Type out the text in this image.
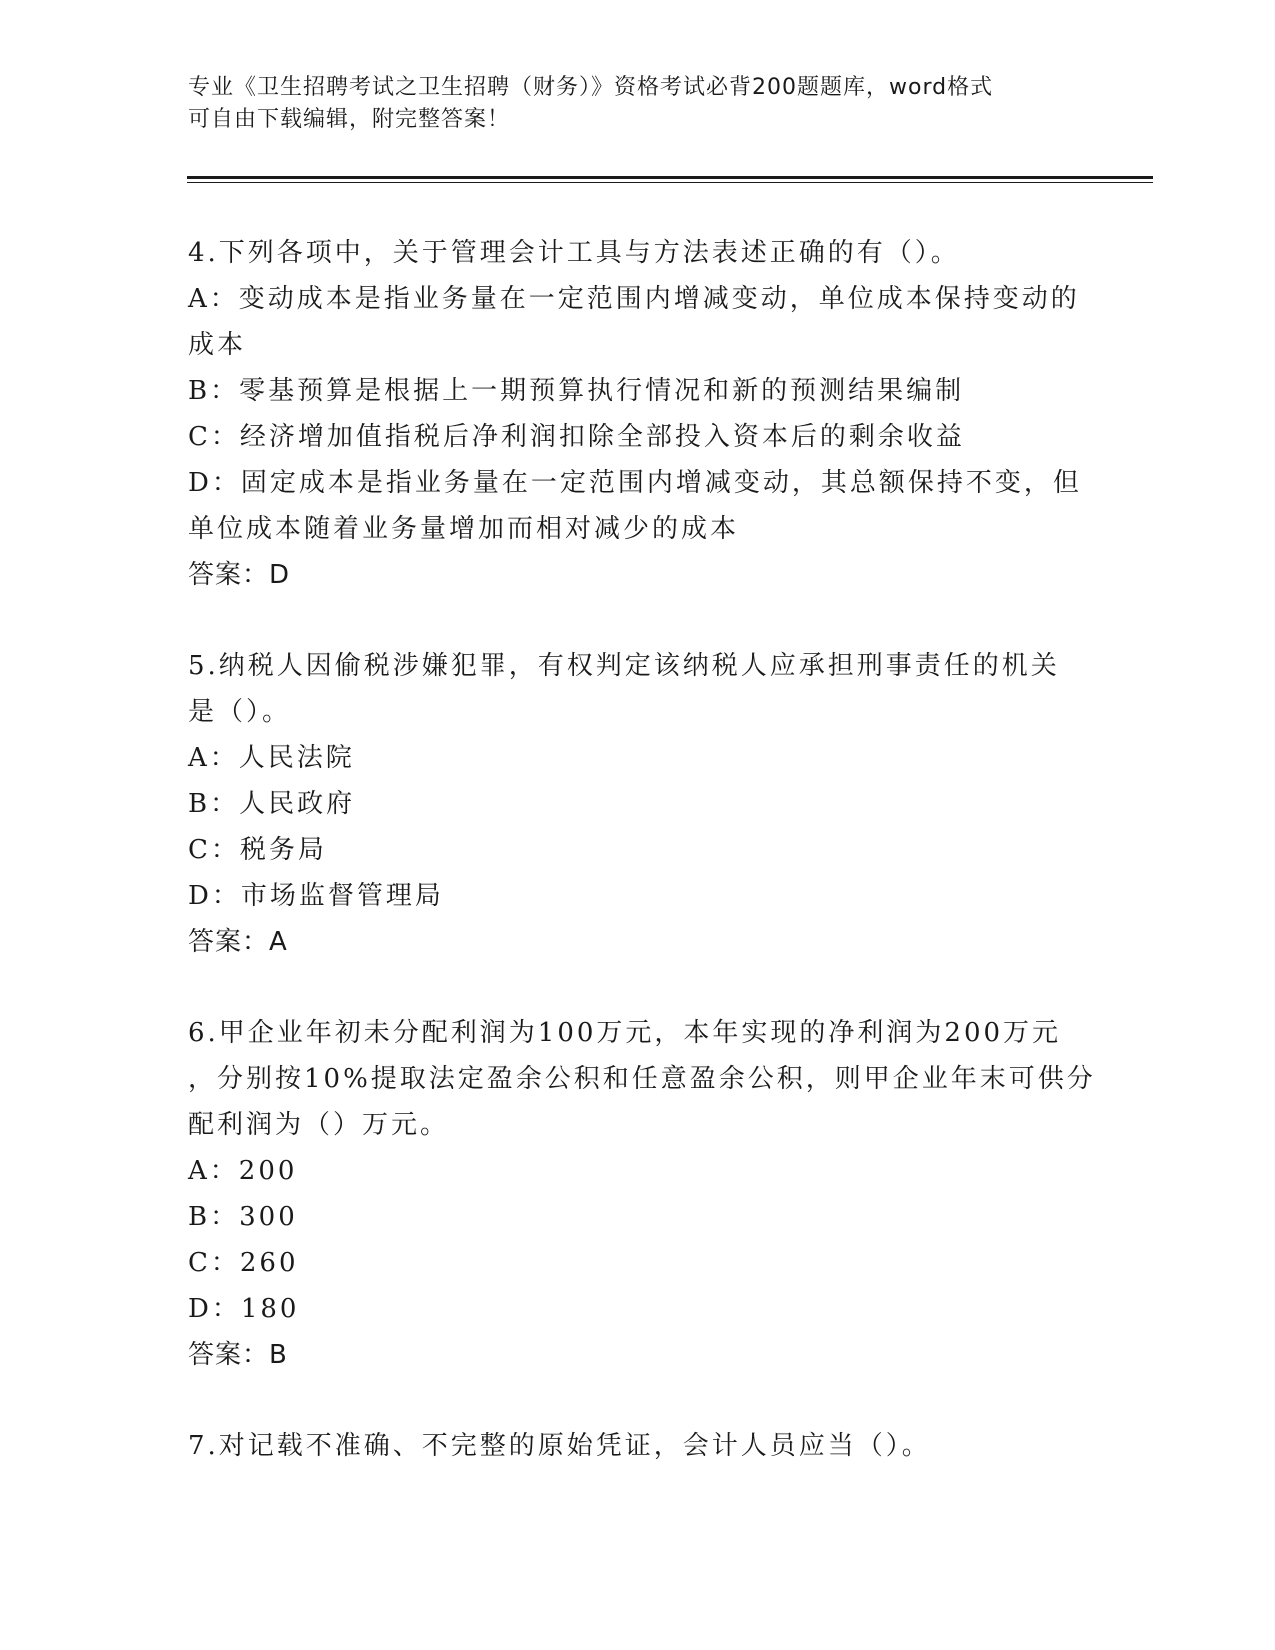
专业《卫生招聘考试之卫生招聘（财务）》资格考试必背200题题库，word格式
可自由下载编辑，附完整答案！
4.下列各项中，关于管理会计工具与方法表述正确的有（）。
A：变动成本是指业务量在一定范围内增减变动，单位成本保持变动的
成本
B：零基预算是根据上一期预算执行情况和新的预测结果编制
C：经济增加值指税后净利润扣除全部投入资本后的剩余收益
D：固定成本是指业务量在一定范围内增减变动，其总额保持不变，但
单位成本随着业务量增加而相对减少的成本
答案：D
5.纳税人因偷税涉嫌犯罪，有权判定该纳税人应承担刑事责任的机关
是（）。
A：人民法院
B：人民政府
C：税务局
D：市场监督管理局
答案：A
6.甲企业年初未分配利润为100万元，本年实现的净利润为200万元
，分别按10%提取法定盈余公积和任意盈余公积，则甲企业年末可供分
配利润为（）万元。
A：200
B：300
C：260
D：180
答案：B
7.对记载不准确、不完整的原始凭证，会计人员应当（）。
